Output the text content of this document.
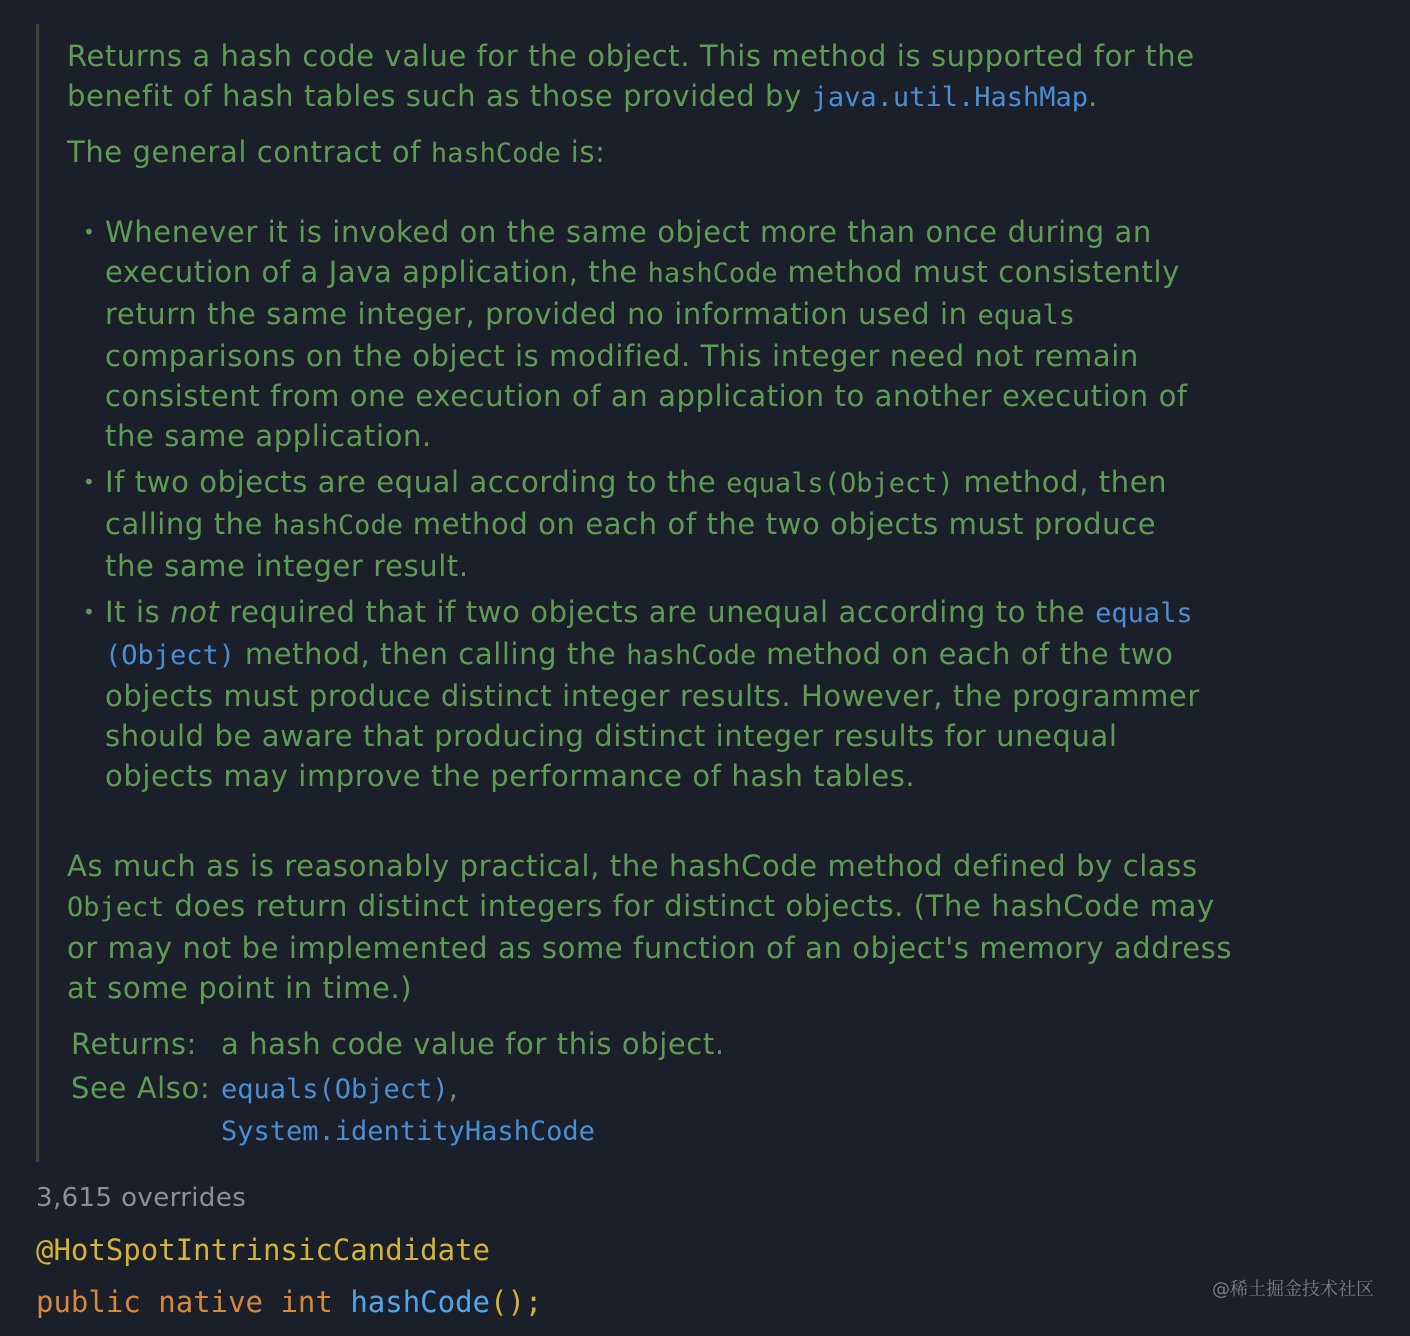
Returns a hash code value for the object. This method is supported for the

benefit of hash tables such as those provided by java.util.HashMap.

The general contract of hashCode is:

• Whenever it is invoked on the same object more than once during an

execution of a Java application, the hashCode method must consistently

return the same integer, provided no information used in equals

comparisons on the object is modified. This integer need not remain

consistent from one execution of an application to another execution of

the same application.

• If two objects are equal according to the equals(Object) method, then

calling the hashCode method on each of the two objects must produce

the same integer result.

• It is not required that if two objects are unequal according to the equals

(Object) method, then calling the hashCode method on each of the two

objects must produce distinct integer results. However, the programmer

should be aware that producing distinct integer results for unequal

objects may improve the performance of hash tables.

As much as is reasonably practical, the hashCode method defined by class

Object does return distinct integers for distinct objects. (The hashCode may

or may not be implemented as some function of an object's memory address

at some point in time.)

Returns: a hash code value for this object.
See Also: equals(Object),
System.identityHashCode
3,615 overrides
@HotSpotIntrinsicCandidate
public native int hashCode();	@稀土掘金技术社区
